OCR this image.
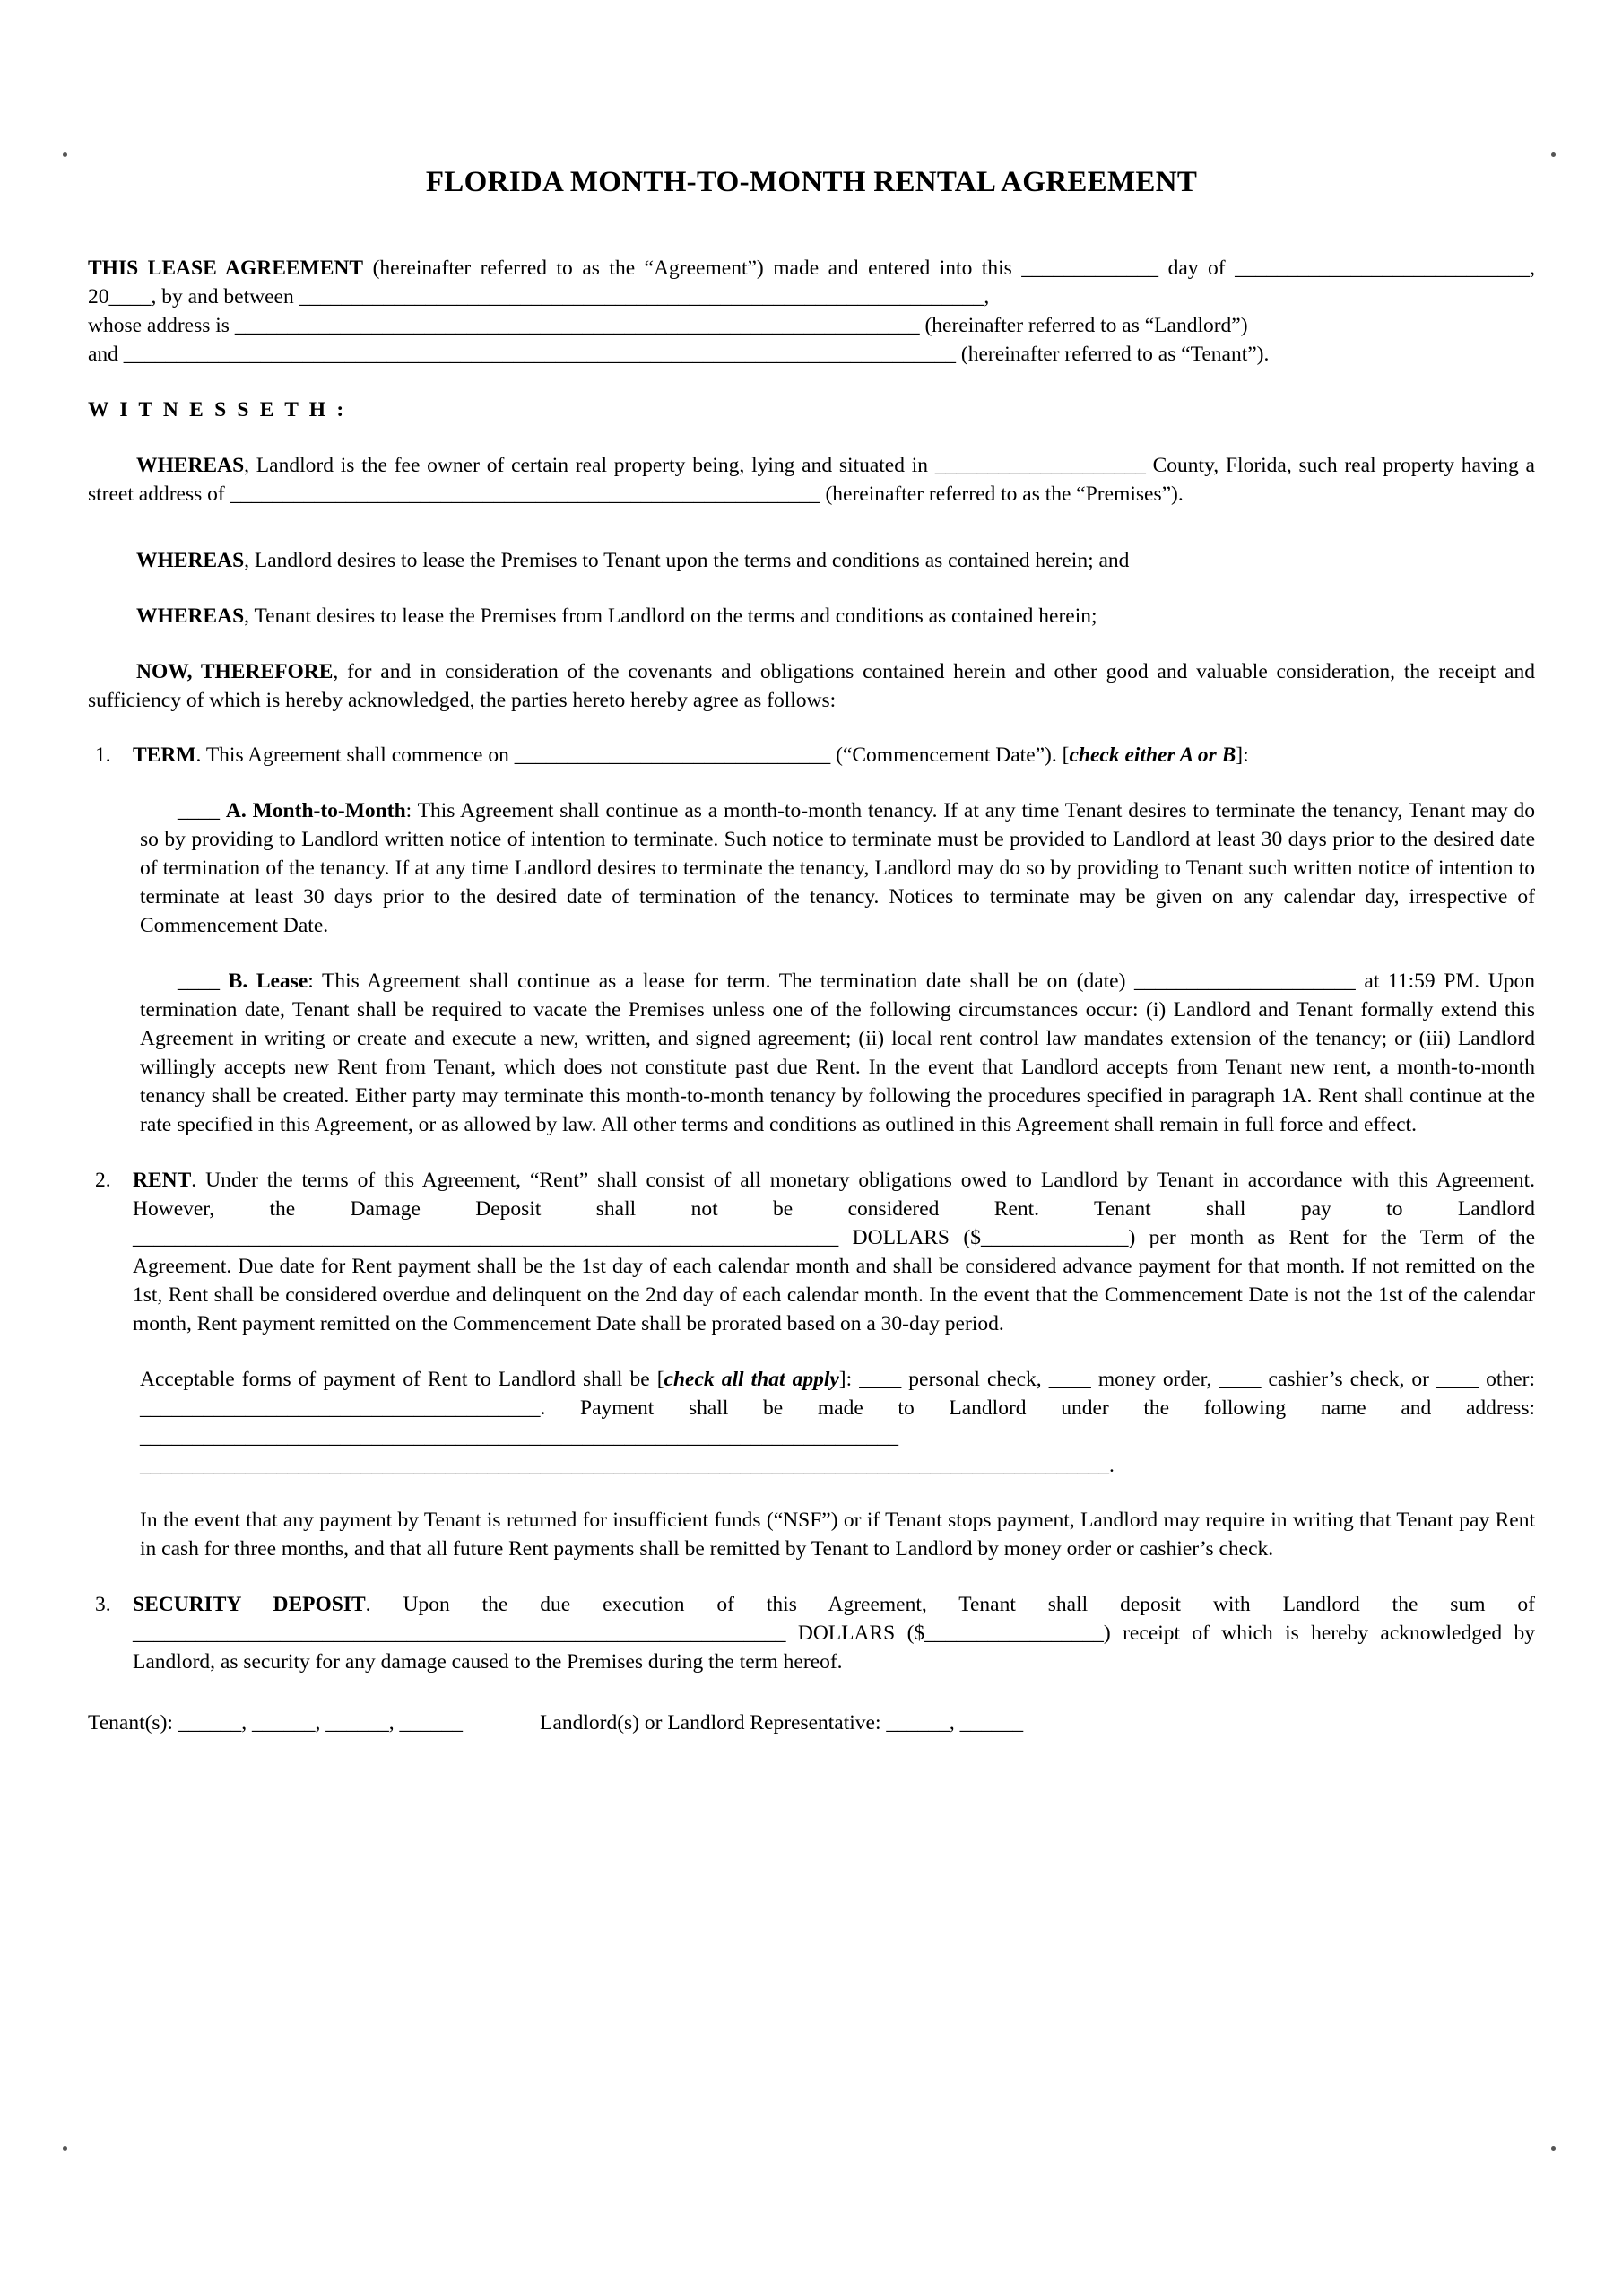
FLORIDA MONTH-TO-MONTH RENTAL AGREEMENT

THIS LEASE AGREEMENT (hereinafter referred to as the “Agreement”) made and entered into this _____________ day of ____________________________, 20____, by and between _________________________________________________________________,

whose address is _________________________________________________________________ (hereinafter referred to as “Landlord”)

and _______________________________________________________________________________ (hereinafter referred to as “Tenant”).

W I T N E S S E T H :

WHEREAS, Landlord is the fee owner of certain real property being, lying and situated in ____________________ County, Florida, such real property having a street address of ________________________________________________________ (hereinafter referred to as the “Premises”).

WHEREAS, Landlord desires to lease the Premises to Tenant upon the terms and conditions as contained herein; and

WHEREAS, Tenant desires to lease the Premises from Landlord on the terms and conditions as contained herein;

NOW, THEREFORE, for and in consideration of the covenants and obligations contained herein and other good and valuable consideration, the receipt and sufficiency of which is hereby acknowledged, the parties hereto hereby agree as follows:

1.	TERM. This Agreement shall commence on ______________________________ (“Commencement Date”). [check either A or B]:

____ A. Month-to-Month: This Agreement shall continue as a month-to-month tenancy. If at any time Tenant desires to terminate the tenancy, Tenant may do so by providing to Landlord written notice of intention to terminate. Such notice to terminate must be provided to Landlord at least 30 days prior to the desired date of termination of the tenancy. If at any time Landlord desires to terminate the tenancy, Landlord may do so by providing to Tenant such written notice of intention to terminate at least 30 days prior to the desired date of termination of the tenancy. Notices to terminate may be given on any calendar day, irrespective of Commencement Date.

____ B. Lease: This Agreement shall continue as a lease for term. The termination date shall be on (date) _____________________ at 11:59 PM. Upon termination date, Tenant shall be required to vacate the Premises unless one of the following circumstances occur: (i) Landlord and Tenant formally extend this Agreement in writing or create and execute a new, written, and signed agreement; (ii) local rent control law mandates extension of the tenancy; or (iii) Landlord willingly accepts new Rent from Tenant, which does not constitute past due Rent. In the event that Landlord accepts from Tenant new rent, a month-to-month tenancy shall be created. Either party may terminate this month-to-month tenancy by following the procedures specified in paragraph 1A. Rent shall continue at the rate specified in this Agreement, or as allowed by law. All other terms and conditions as outlined in this Agreement shall remain in full force and effect.

2.	RENT. Under the terms of this Agreement, “Rent” shall consist of all monetary obligations owed to Landlord by Tenant in accordance with this Agreement. However, the Damage Deposit shall not be considered Rent. Tenant shall pay to Landlord ___________________________________________________________________ DOLLARS ($______________) per month as Rent for the Term of the Agreement. Due date for Rent payment shall be the 1st day of each calendar month and shall be considered advance payment for that month. If not remitted on the 1st, Rent shall be considered overdue and delinquent on the 2nd day of each calendar month. In the event that the Commencement Date is not the 1st of the calendar month, Rent payment remitted on the Commencement Date shall be prorated based on a 30-day period.

Acceptable forms of payment of Rent to Landlord shall be [check all that apply]: ____ personal check, ____ money order, ____ cashier’s check, or ____ other: ______________________________________. Payment shall be made to Landlord under the following name and address: ________________________________________________________________________ ____________________________________________________________________________________________.

In the event that any payment by Tenant is returned for insufficient funds (“NSF”) or if Tenant stops payment, Landlord may require in writing that Tenant pay Rent in cash for three months, and that all future Rent payments shall be remitted by Tenant to Landlord by money order or cashier’s check.

3.	SECURITY DEPOSIT. Upon the due execution of this Agreement, Tenant shall deposit with Landlord the sum of ______________________________________________________________ DOLLARS ($_________________) receipt of which is hereby acknowledged by Landlord, as security for any damage caused to the Premises during the term hereof.
Tenant(s): ______, ______, ______, ______	Landlord(s) or Landlord Representative: ______, ______
